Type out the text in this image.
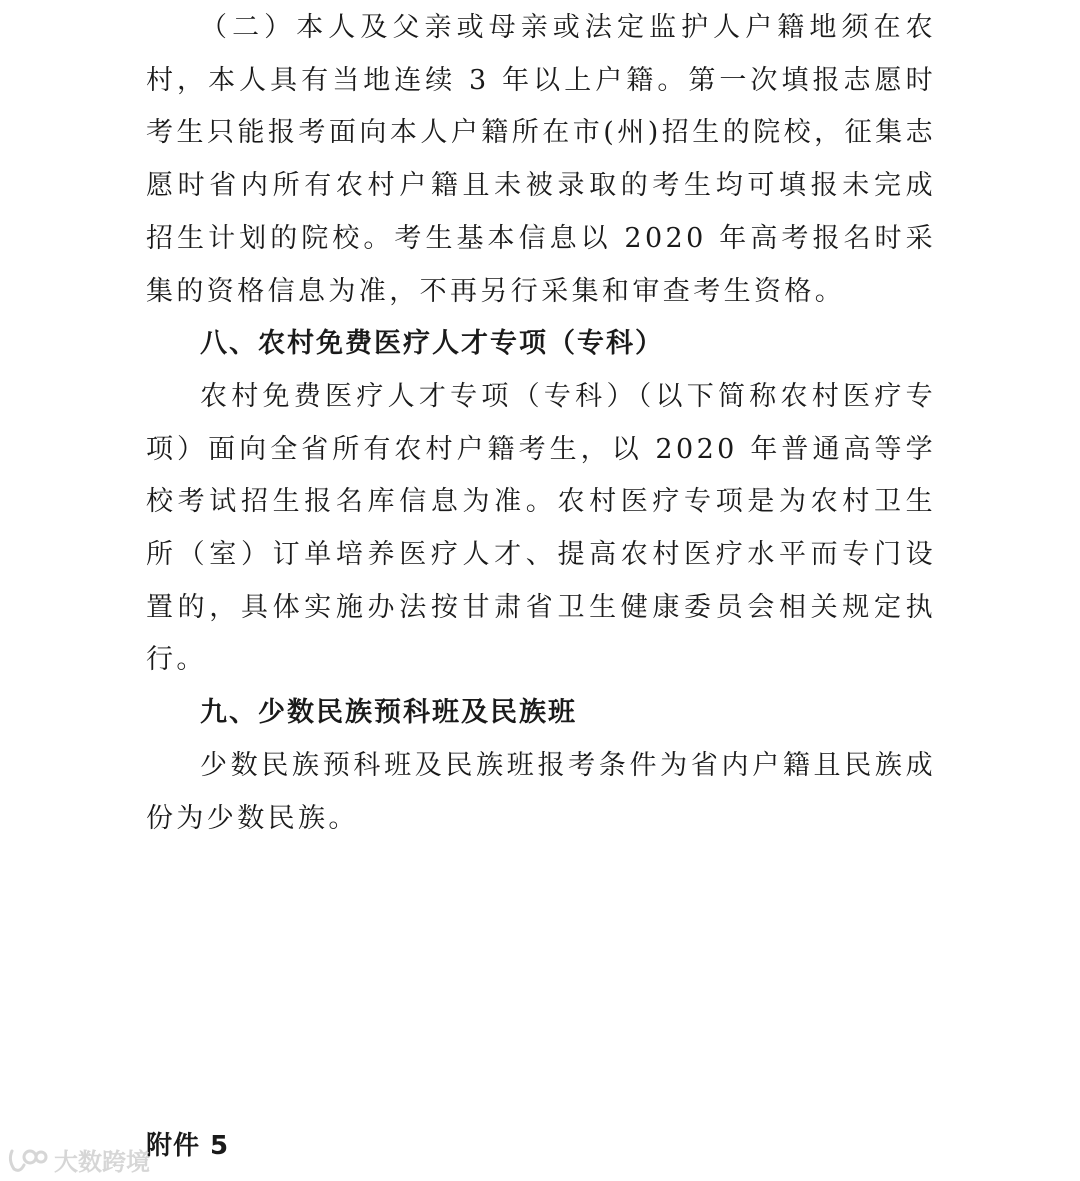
（二）本人及父亲或母亲或法定监护人户籍地须在农村，本人具有当地连续 3 年以上户籍。第一次填报志愿时考生只能报考面向本人户籍所在市(州)招生的院校，征集志愿时省内所有农村户籍且未被录取的考生均可填报未完成招生计划的院校。考生基本信息以 2020 年高考报名时采集的资格信息为准，不再另行采集和审查考生资格。

八、农村免费医疗人才专项（专科）

农村免费医疗人才专项（专科）（以下简称农村医疗专项）面向全省所有农村户籍考生，以 2020 年普通高等学校考试招生报名库信息为准。农村医疗专项是为农村卫生所（室）订单培养医疗人才、提高农村医疗水平而专门设置的，具体实施办法按甘肃省卫生健康委员会相关规定执行。

九、少数民族预科班及民族班

少数民族预科班及民族班报考条件为省内户籍且民族成份为少数民族。

附件 5
大数跨境
